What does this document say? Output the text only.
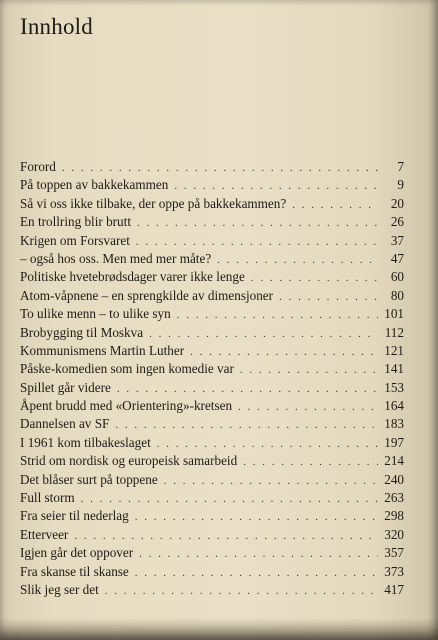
Innhold
Forord . . .	7
På toppen av bakkekammen . . .	9
Så vi oss ikke tilbake, der oppe på bakkekammen? . . .	20
En trollring blir brutt . . .	26
Krigen om Forsvaret . . .	37
– også hos oss. Men med mer måte? . . .	47
Politiske hvetebrødsdager varer ikke lenge . . .	60
Atom-våpnene – en sprengkilde av dimensjoner . . .	80
To ulike menn – to ulike syn . . .	101
Brobygging til Moskva . . .	112
Kommunismens Martin Luther . . .	121
Påske-komedien som ingen komedie var . . .	141
Spillet går videre . . .	153
Åpent brudd med «Orientering»-kretsen . . .	164
Dannelsen av SF . . .	183
I 1961 kom tilbakeslaget . . .	197
Strid om nordisk og europeisk samarbeid . . .	214
Det blåser surt på toppene . . .	240
Full storm . . .	263
Fra seier til nederlag . . .	298
Etterveer . . .	320
Igjen går det oppover . . .	357
Fra skanse til skanse . . .	373
Slik jeg ser det . . .	417
